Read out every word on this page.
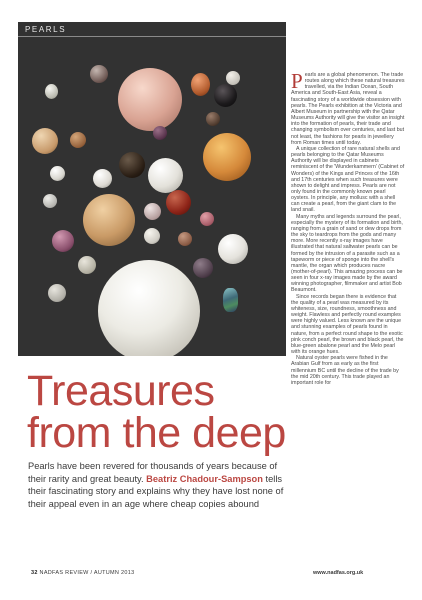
PEARLS

Pearls are a global phenomenon. The trade routes along which these natural treasures travelled, via the Indian Ocean, South America and South-East Asia, reveal a fascinating story of a worldwide obsession with pearls. The Pearls exhibition at the Victoria and Albert Museum in partnership with the Qatar Museums Authority will give the visitor an insight into the formation of pearls, their trade and changing symbolism over centuries, and last but not least, the fashions for pearls in jewellery from Roman times until today.

A unique collection of rare natural shells and pearls belonging to the Qatar Museums Authority will be displayed in cabinets reminiscent of the 'Wunderkammern' (Cabinet of Wonders) of the Kings and Princes of the 16th and 17th centuries when such treasures were shown to delight and impress. Pearls are not only found in the commonly known pearl oysters. In principle, any mollusc with a shell can create a pearl, from the giant clam to the land snail.

Many myths and legends surround the pearl, especially the mystery of its formation and birth, ranging from a grain of sand or dew drops from the sky to teardrops from the gods and many more. More recently x-ray images have illustrated that natural saltwater pearls can be formed by the intrusion of a parasite such as a tapeworm or piece of sponge into the shell's mantle, the organ which produces nacre (mother-of-pearl). This amazing process can be seen in four x-ray images made by the award winning photographer, filmmaker and artist Bob Beaumont.

Since records began there is evidence that the quality of a pearl was measured by its whiteness, size, roundness, smoothness and weight. Flawless and perfectly round examples were highly valued. Less known are the unique and stunning examples of pearls found in nature, from a perfect round shape to the exotic pink conch pearl, the brown and black pearl, the blue-green abalone pearl and the Melo pearl with its orange hues.

Natural oyster pearls were fished in the Arabian Gulf from as early as the first millennium BC until the decline of the trade by the mid 20th century. This trade played an important role for

Treasures from the deep

Pearls have been revered for thousands of years because of their rarity and great beauty. Beatriz Chadour-Sampson tells their fascinating story and explains why they have lost none of their appeal even in an age where cheap copies abound

32 NADFAS REVIEW / AUTUMN 2013	www.nadfas.org.uk
